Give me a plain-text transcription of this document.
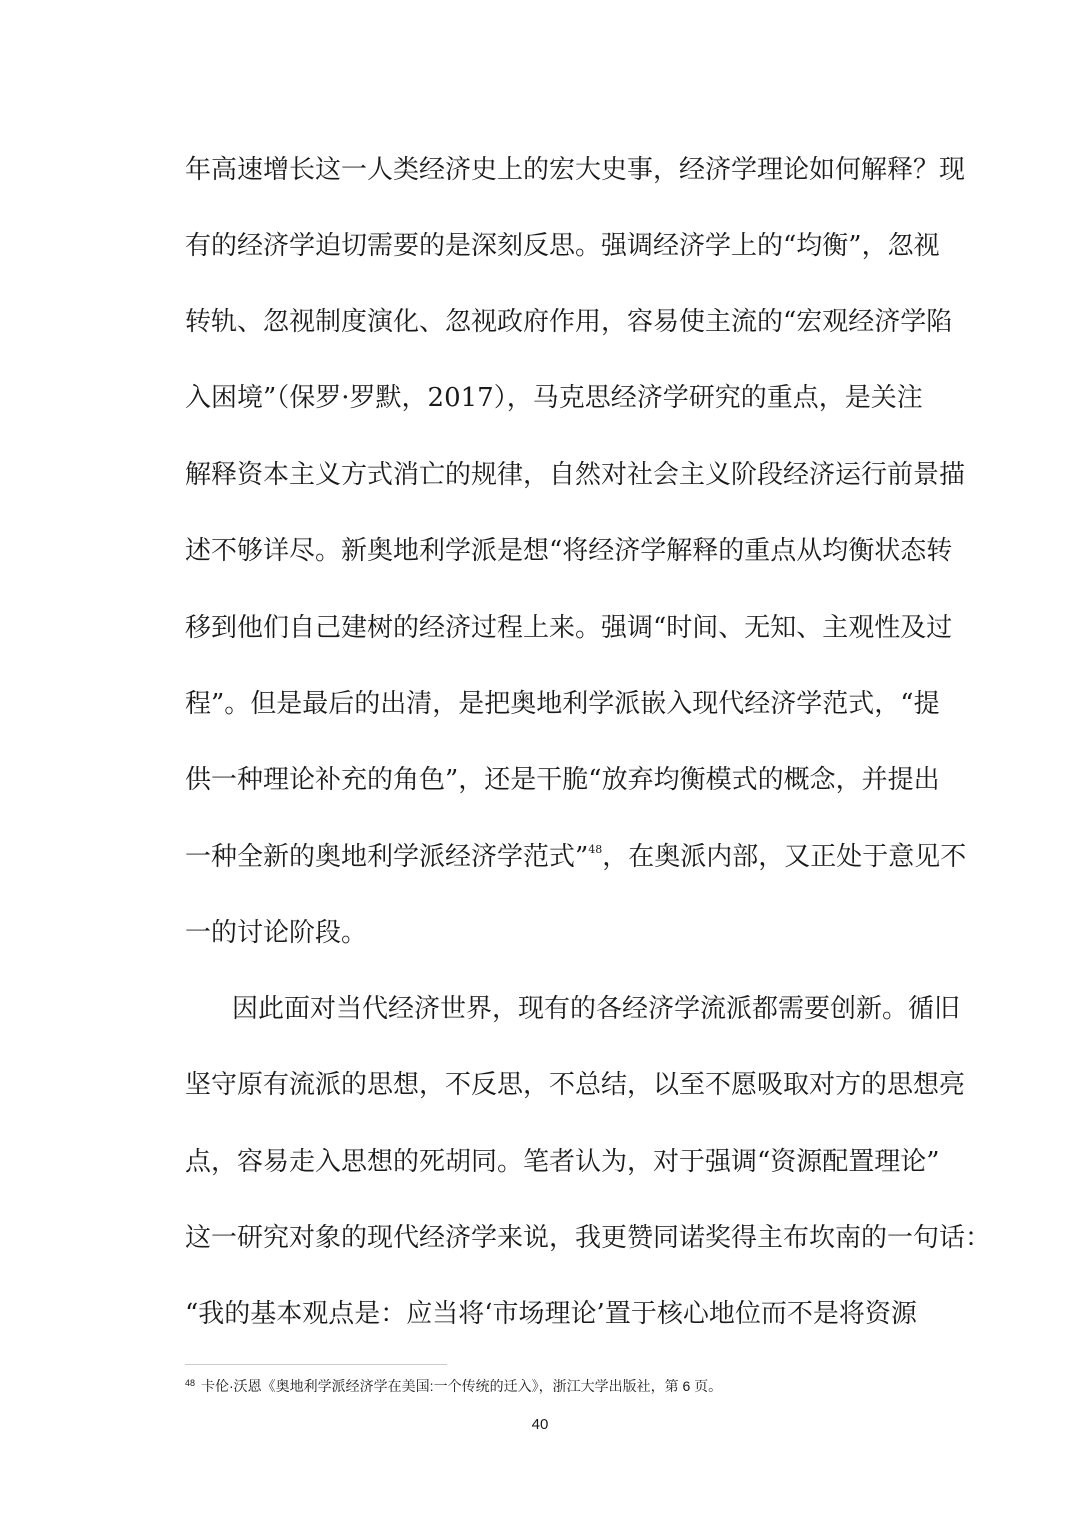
年高速增长这一人类经济史上的宏大史事，经济学理论如何解释？现
有的经济学迫切需要的是深刻反思。强调经济学上的“均衡”，忽视
转轨、忽视制度演化、忽视政府作用，容易使主流的“宏观经济学陷
入困境”（保罗·罗默，2017），马克思经济学研究的重点，是关注
解释资本主义方式消亡的规律，自然对社会主义阶段经济运行前景描
述不够详尽。新奥地利学派是想“将经济学解释的重点从均衡状态转
移到他们自己建树的经济过程上来。强调“时间、无知、主观性及过
程”。但是最后的出清，是把奥地利学派嵌入现代经济学范式，“提
供一种理论补充的角色”，还是干脆“放弃均衡模式的概念，并提出
一种全新的奥地利学派经济学范式”$^{48}$，在奥派内部，又正处于意见不
一的讨论阶段。
因此面对当代经济世界，现有的各经济学流派都需要创新。循旧
坚守原有流派的思想，不反思，不总结，以至不愿吸取对方的思想亮
点，容易走入思想的死胡同。笔者认为，对于强调“资源配置理论”
这一研究对象的现代经济学来说，我更赞同诺奖得主布坎南的一句话：
“我的基本观点是：应当将‘市场理论’置于核心地位而不是将资源
$^{48}$ 卡伦·沃恩《奥地利学派经济学在美国:一个传统的迁入》，浙江大学出版社，第 6 页。
40
